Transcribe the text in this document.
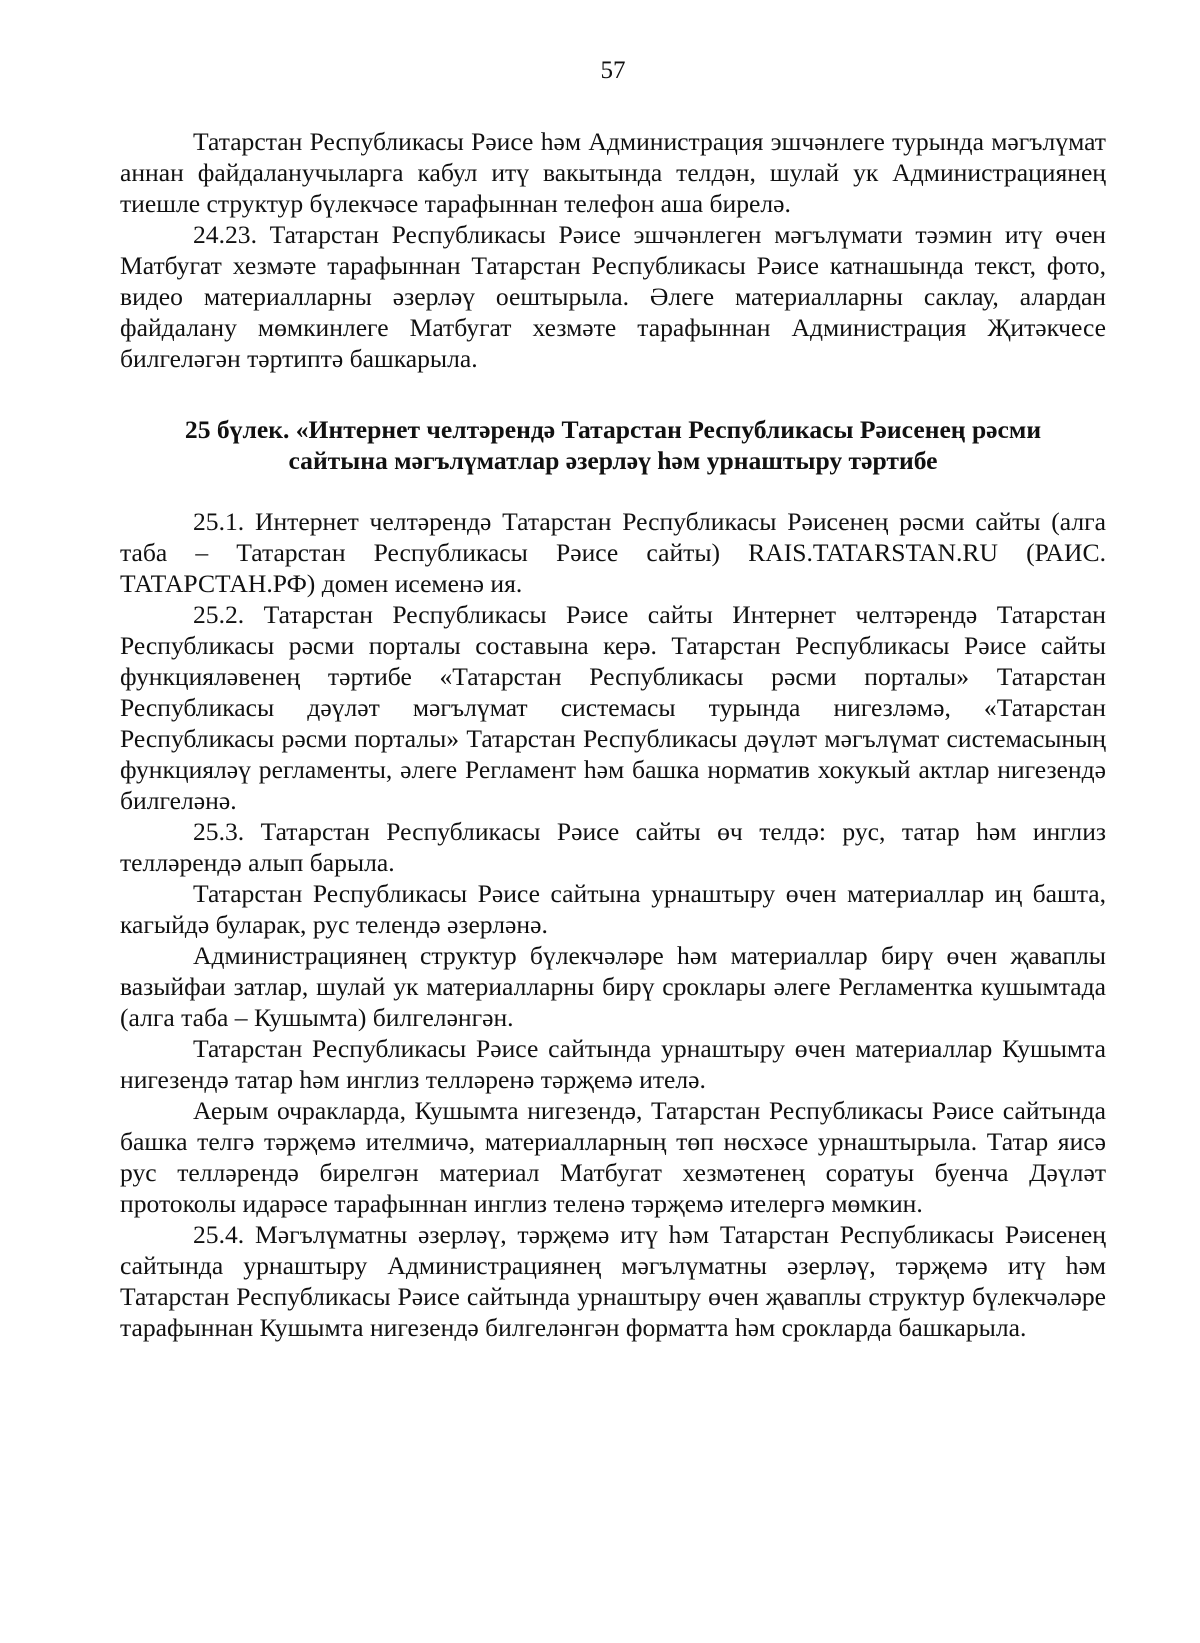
57

Татарстан Республикасы Рәисе һәм Администрация эшчәнлеге турында мәгълүмат аннан файдаланучыларга кабул итү вакытында телдән, шулай ук Администрациянең тиешле структур бүлекчәсе тарафыннан телефон аша бирелә.

24.23. Татарстан Республикасы Рәисе эшчәнлеген мәгълүмати тәэмин итү өчен Матбугат хезмәте тарафыннан Татарстан Республикасы Рәисе катнашында текст, фото, видео материалларны әзерләү оештырыла. Әлеге материалларны саклау, алардан файдалану мөмкинлеге Матбугат хезмәте тарафыннан Администрация Җитәкчесе билгеләгән тәртиптә башкарыла.

25 бүлек. «Интернет челтәрендә Татарстан Республикасы Рәисенең рәсми
сайтына мәгълүматлар әзерләү һәм урнаштыру тәртибе

25.1. Интернет челтәрендә Татарстан Республикасы Рәисенең рәсми сайты (алга таба – Татарстан Республикасы Рәисе сайты) RAIS.TATARSTAN.RU (РАИС. ТАТАРСТАН.РФ) домен исеменә ия.

25.2. Татарстан Республикасы Рәисе сайты Интернет челтәрендә Татарстан Республикасы рәсми порталы составына керә. Татарстан Республикасы Рәисе сайты функцияләвенең тәртибе «Татарстан Республикасы рәсми порталы» Татарстан Республикасы дәүләт мәгълүмат системасы турында нигезләмә, «Татарстан Республикасы рәсми порталы» Татарстан Республикасы дәүләт мәгълүмат системасының функцияләү регламенты, әлеге Регламент һәм башка норматив хокукый актлар нигезендә билгеләнә.

25.3. Татарстан Республикасы Рәисе сайты өч телдә: рус, татар һәм инглиз телләрендә алып барыла.

Татарстан Республикасы Рәисе сайтына урнаштыру өчен материаллар иң башта, кагыйдә буларак, рус телендә әзерләнә.

Администрациянең структур бүлекчәләре һәм материаллар бирү өчен җаваплы вазыйфаи затлар, шулай ук материалларны бирү сроклары әлеге Регламентка кушымтада (алга таба – Кушымта) билгеләнгән.

Татарстан Республикасы Рәисе сайтында урнаштыру өчен материаллар Кушымта нигезендә татар һәм инглиз телләренә тәрҗемә ителә.

Аерым очракларда, Кушымта нигезендә, Татарстан Республикасы Рәисе сайтында башка телгә тәрҗемә ителмичә, материалларның төп нөсхәсе урнаштырыла. Татар яисә рус телләрендә бирелгән материал Матбугат хезмәтенең соратуы буенча Дәүләт протоколы идарәсе тарафыннан инглиз теленә тәрҗемә ителергә мөмкин.

25.4. Мәгълүматны әзерләү, тәрҗемә итү һәм Татарстан Республикасы Рәисенең сайтында урнаштыру Администрациянең мәгълүматны әзерләү, тәрҗемә итү һәм Татарстан Республикасы Рәисе сайтында урнаштыру өчен җаваплы структур бүлекчәләре тарафыннан Кушымта нигезендә билгеләнгән форматта һәм срокларда башкарыла.
